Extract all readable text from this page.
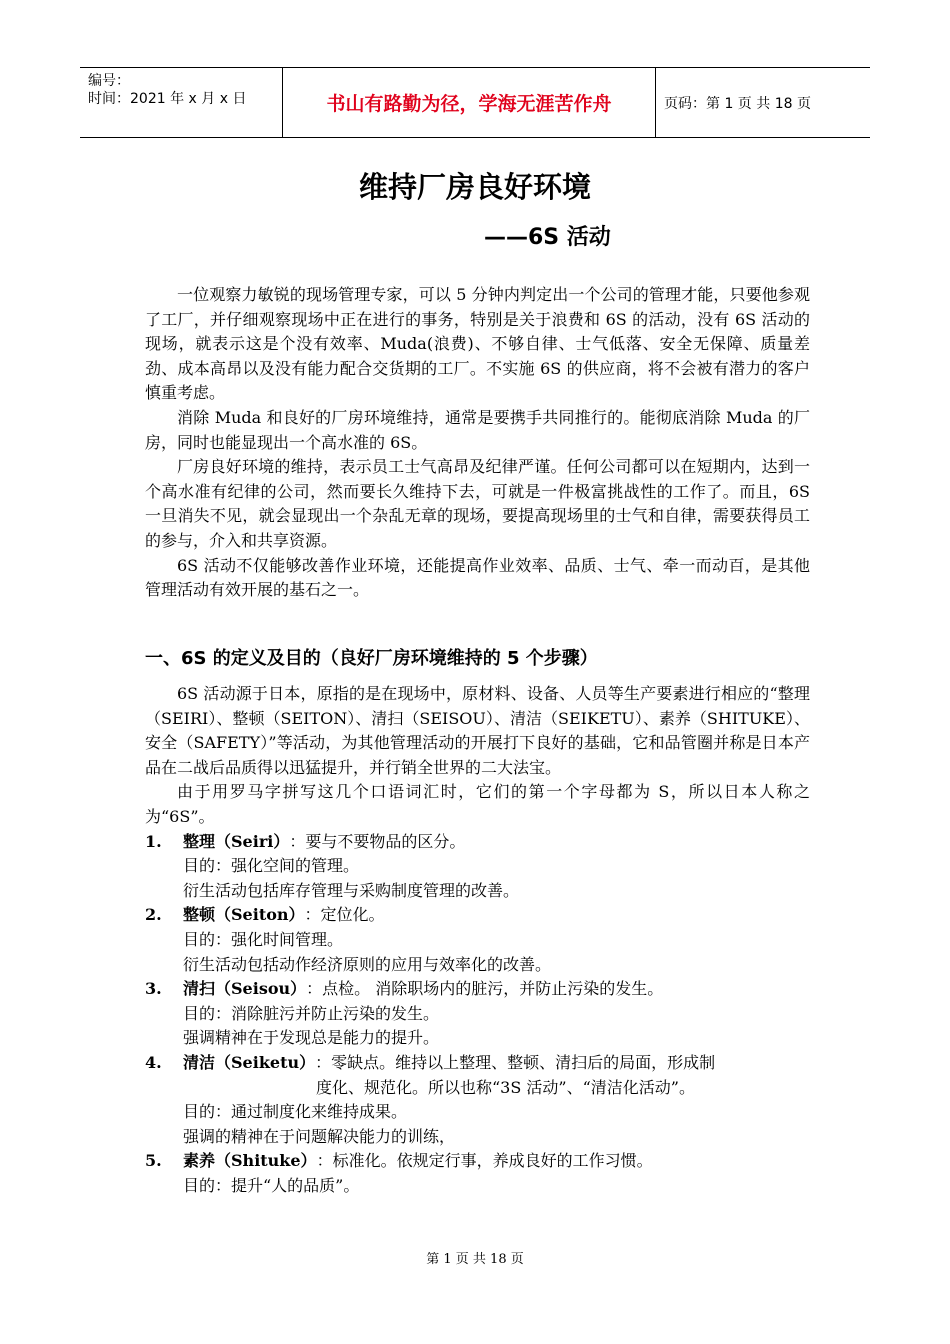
编号：
时间：2021 年 x 月 x 日	书山有路勤为径，学海无涯苦作舟	页码：第 1 页 共 18 页
维持厂房良好环境
——6S 活动

一位观察力敏锐的现场管理专家，可以 5 分钟内判定出一个公司的管理才能，只要他参观了工厂，并仔细观察现场中正在进行的事务，特别是关于浪费和 6S 的活动，没有 6S 活动的现场，就表示这是个没有效率、Muda(浪费)、不够自律、士气低落、安全无保障、质量差劲、成本高昂以及没有能力配合交货期的工厂。不实施 6S 的供应商，将不会被有潜力的客户慎重考虑。

消除 Muda 和良好的厂房环境维持，通常是要携手共同推行的。能彻底消除 Muda 的厂房，同时也能显现出一个高水准的 6S。

厂房良好环境的维持，表示员工士气高昂及纪律严谨。任何公司都可以在短期内，达到一个高水准有纪律的公司，然而要长久维持下去，可就是一件极富挑战性的工作了。而且，6S 一旦消失不见，就会显现出一个杂乱无章的现场，要提高现场里的士气和自律，需要获得员工的参与，介入和共享资源。

6S 活动不仅能够改善作业环境，还能提高作业效率、品质、士气、牵一而动百，是其他管理活动有效开展的基石之一。

一、6S 的定义及目的（良好厂房环境维持的 5 个步骤）

6S 活动源于日本，原指的是在现场中，原材料、设备、人员等生产要素进行相应的“整理（SEIRI）、整顿（SEITON）、清扫（SEISOU）、清洁（SEIKETU）、素养（SHITUKE）、安全（SAFETY）”等活动，为其他管理活动的开展打下良好的基础，它和品管圈并称是日本产品在二战后品质得以迅猛提升，并行销全世界的二大法宝。

由于用罗马字拼写这几个口语词汇时，它们的第一个字母都为 S，所以日本人称之为“6S”。

1.	整理（Seiri） ：要与不要物品的区分。
目的：强化空间的管理。
衍生活动包括库存管理与采购制度管理的改善。
2.	整顿（Seiton） ：定位化。
目的：强化时间管理。
衍生活动包括动作经济原则的应用与效率化的改善。
3.	清扫（Seisou） ：点检。 消除职场内的脏污，并防止污染的发生。
目的：消除脏污并防止污染的发生。
强调精神在于发现总是能力的提升。
4.	清洁（Seiketu） ：零缺点。维持以上整理、整顿、清扫后的局面，形成制
度化、规范化。所以也称“3S 活动”、“清洁化活动”。
目的：通过制度化来维持成果。
强调的精神在于问题解决能力的训练，
5.	素养（Shituke） ：标准化。依规定行事，养成良好的工作习惯。
目的：提升“人的品质”。
第 1 页 共 18 页
